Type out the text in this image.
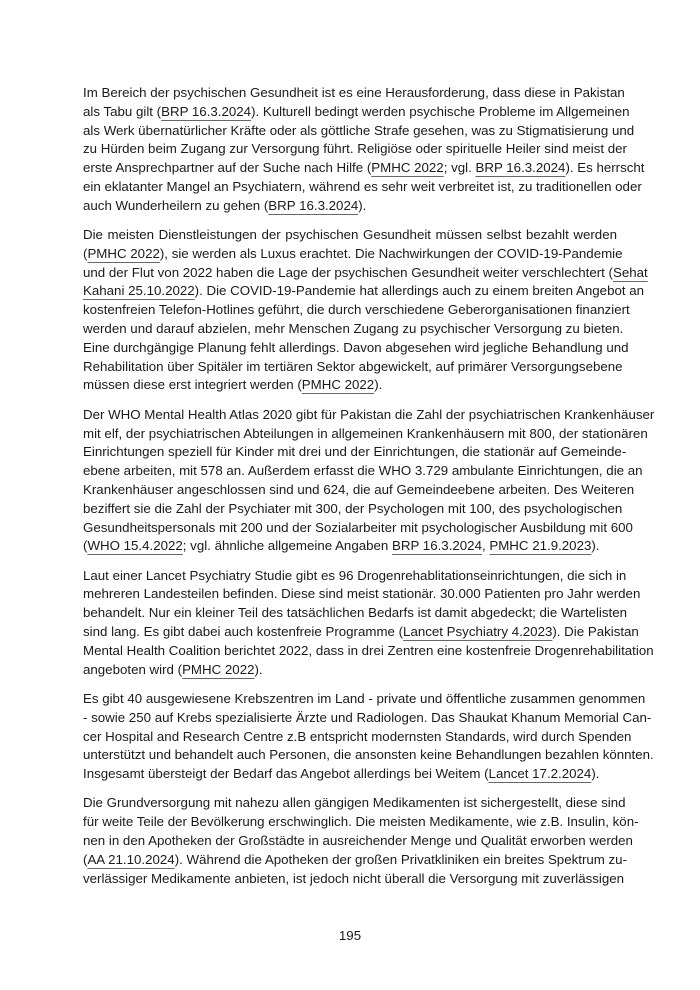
Im Bereich der psychischen Gesundheit ist es eine Herausforderung, dass diese in Pakistan
als Tabu gilt (BRP 16.3.2024). Kulturell bedingt werden psychische Probleme im Allgemeinen
als Werk übernatürlicher Kräfte oder als göttliche Strafe gesehen, was zu Stigmatisierung und
zu Hürden beim Zugang zur Versorgung führt. Religiöse oder spirituelle Heiler sind meist der
erste Ansprechpartner auf der Suche nach Hilfe (PMHC 2022; vgl. BRP 16.3.2024). Es herrscht
ein eklatanter Mangel an Psychiatern, während es sehr weit verbreitet ist, zu traditionellen oder
auch Wunderheilern zu gehen (BRP 16.3.2024).

Die meisten Dienstleistungen der psychischen Gesundheit müssen selbst bezahlt werden
(PMHC 2022), sie werden als Luxus erachtet. Die Nachwirkungen der COVID-19-Pandemie
und der Flut von 2022 haben die Lage der psychischen Gesundheit weiter verschlechtert (Sehat
Kahani 25.10.2022). Die COVID-19-Pandemie hat allerdings auch zu einem breiten Angebot an
kostenfreien Telefon-Hotlines geführt, die durch verschiedene Geberorganisationen finanziert
werden und darauf abzielen, mehr Menschen Zugang zu psychischer Versorgung zu bieten.
Eine durchgängige Planung fehlt allerdings. Davon abgesehen wird jegliche Behandlung und
Rehabilitation über Spitäler im tertiären Sektor abgewickelt, auf primärer Versorgungsebene
müssen diese erst integriert werden (PMHC 2022).

Der WHO Mental Health Atlas 2020 gibt für Pakistan die Zahl der psychiatrischen Krankenhäuser
mit elf, der psychiatrischen Abteilungen in allgemeinen Krankenhäusern mit 800, der stationären
Einrichtungen speziell für Kinder mit drei und der Einrichtungen, die stationär auf Gemeinde-
ebene arbeiten, mit 578 an. Außerdem erfasst die WHO 3.729 ambulante Einrichtungen, die an
Krankenhäuser angeschlossen sind und 624, die auf Gemeindeebene arbeiten. Des Weiteren
beziffert sie die Zahl der Psychiater mit 300, der Psychologen mit 100, des psychologischen
Gesundheitspersonals mit 200 und der Sozialarbeiter mit psychologischer Ausbildung mit 600
(WHO 15.4.2022; vgl. ähnliche allgemeine Angaben BRP 16.3.2024, PMHC 21.9.2023).

Laut einer Lancet Psychiatry Studie gibt es 96 Drogenrehablitationseinrichtungen, die sich in
mehreren Landesteilen befinden. Diese sind meist stationär. 30.000 Patienten pro Jahr werden
behandelt. Nur ein kleiner Teil des tatsächlichen Bedarfs ist damit abgedeckt; die Wartelisten
sind lang. Es gibt dabei auch kostenfreie Programme (Lancet Psychiatry 4.2023). Die Pakistan
Mental Health Coalition berichtet 2022, dass in drei Zentren eine kostenfreie Drogenrehabilitation
angeboten wird (PMHC 2022).

Es gibt 40 ausgewiesene Krebszentren im Land - private und öffentliche zusammen genommen
- sowie 250 auf Krebs spezialisierte Ärzte und Radiologen. Das Shaukat Khanum Memorial Can-
cer Hospital and Research Centre z.B entspricht modernsten Standards, wird durch Spenden
unterstützt und behandelt auch Personen, die ansonsten keine Behandlungen bezahlen könnten.
Insgesamt übersteigt der Bedarf das Angebot allerdings bei Weitem (Lancet 17.2.2024).

Die Grundversorgung mit nahezu allen gängigen Medikamenten ist sichergestellt, diese sind
für weite Teile der Bevölkerung erschwinglich. Die meisten Medikamente, wie z.B. Insulin, kön-
nen in den Apotheken der Großstädte in ausreichender Menge und Qualität erworben werden
(AA 21.10.2024). Während die Apotheken der großen Privatkliniken ein breites Spektrum zu-
verlässiger Medikamente anbieten, ist jedoch nicht überall die Versorgung mit zuverlässigen

195
